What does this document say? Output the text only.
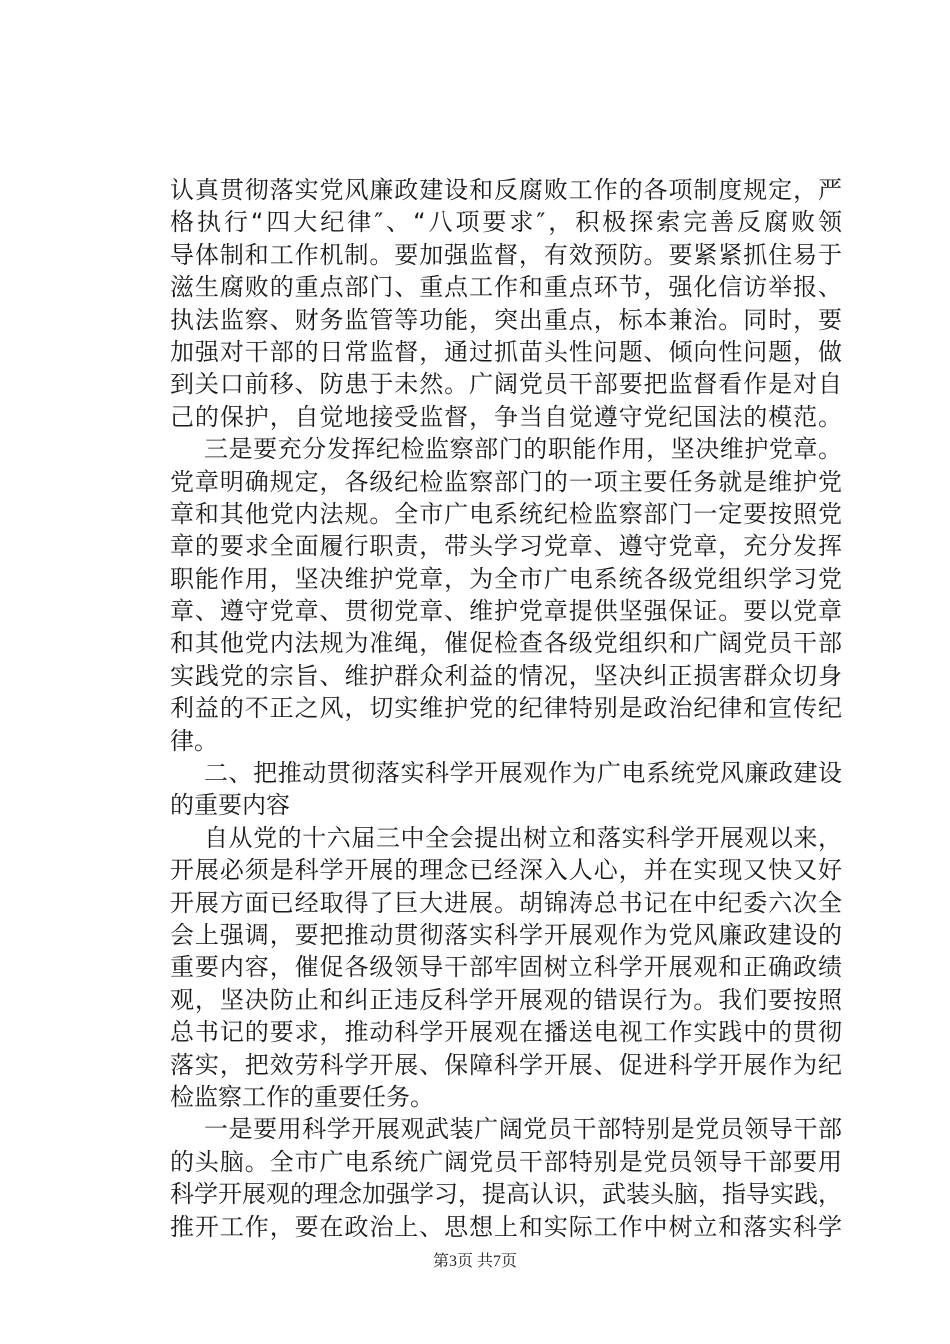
认真贯彻落实党风廉政建设和反腐败工作的各项制度规定，严
格执行“四大纪律″、“八项要求″，积极探索完善反腐败领
导体制和工作机制。要加强监督，有效预防。要紧紧抓住易于
滋生腐败的重点部门、重点工作和重点环节，强化信访举报、
执法监察、财务监管等功能，突出重点，标本兼治。同时，要
加强对干部的日常监督，通过抓苗头性问题、倾向性问题，做
到关口前移、防患于未然。广阔党员干部要把监督看作是对自
己的保护，自觉地接受监督，争当自觉遵守党纪国法的模范。
三是要充分发挥纪检监察部门的职能作用，坚决维护党章。
党章明确规定，各级纪检监察部门的一项主要任务就是维护党
章和其他党内法规。全市广电系统纪检监察部门一定要按照党
章的要求全面履行职责，带头学习党章、遵守党章，充分发挥
职能作用，坚决维护党章，为全市广电系统各级党组织学习党
章、遵守党章、贯彻党章、维护党章提供坚强保证。要以党章
和其他党内法规为准绳，催促检查各级党组织和广阔党员干部
实践党的宗旨、维护群众利益的情况，坚决纠正损害群众切身
利益的不正之风，切实维护党的纪律特别是政治纪律和宣传纪
律。
二、把推动贯彻落实科学开展观作为广电系统党风廉政建设
的重要内容
自从党的十六届三中全会提出树立和落实科学开展观以来，
开展必须是科学开展的理念已经深入人心，并在实现又快又好
开展方面已经取得了巨大进展。胡锦涛总书记在中纪委六次全
会上强调，要把推动贯彻落实科学开展观作为党风廉政建设的
重要内容，催促各级领导干部牢固树立科学开展观和正确政绩
观，坚决防止和纠正违反科学开展观的错误行为。我们要按照
总书记的要求，推动科学开展观在播送电视工作实践中的贯彻
落实，把效劳科学开展、保障科学开展、促进科学开展作为纪
检监察工作的重要任务。
一是要用科学开展观武装广阔党员干部特别是党员领导干部
的头脑。全市广电系统广阔党员干部特别是党员领导干部要用
科学开展观的理念加强学习，提高认识，武装头脑，指导实践，
推开工作，要在政治上、思想上和实际工作中树立和落实科学
第3页 共7页
